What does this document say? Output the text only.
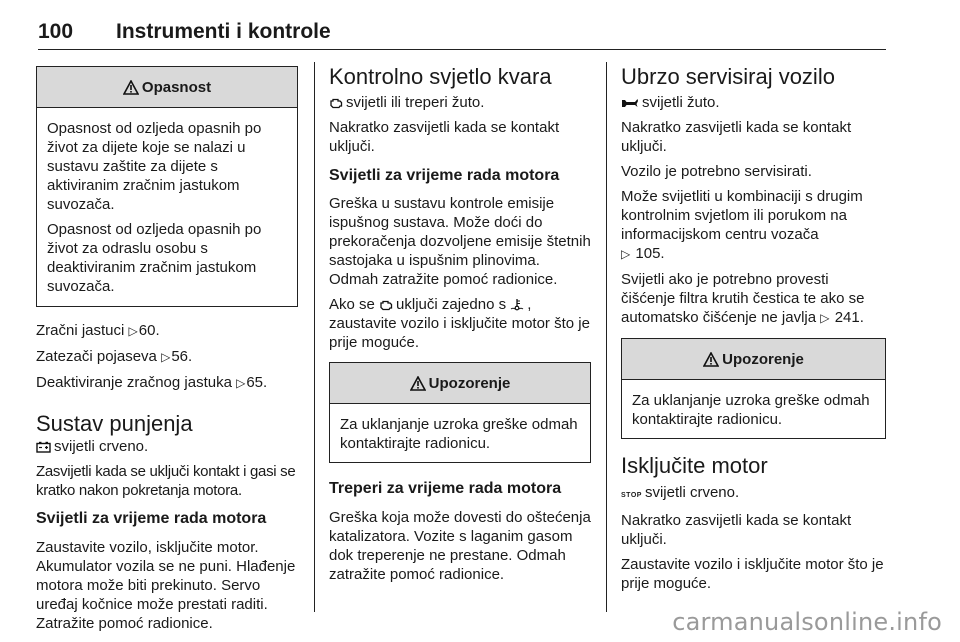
100 Instrumenti i kontrole
Opasnost

Opasnost od ozljeda opasnih po život za dijete koje se nalazi u sustavu zaštite za dijete s aktiviranim zračnim jastukom suvozača.

Opasnost od ozljeda opasnih po život za odraslu osobu s deaktiviranim zračnim jastukom suvozača.

Zračni jastuci ▷60.

Zatezači pojaseva ▷56.

Deaktiviranje zračnog jastuka ▷65.

Sustav punjenja

svijetli crveno.

Zasvijetli kada se uključi kontakt i gasi se kratko nakon pokretanja motora.

Svijetli za vrijeme rada motora

Zaustavite vozilo, isključite motor. Akumulator vozila se ne puni. Hlađenje motora može biti prekinuto. Servo uređaj kočnice može prestati raditi. Zatražite pomoć radionice.

Kontrolno svjetlo kvara

svijetli ili treperi žuto.

Nakratko zasvijetli kada se kontakt uključi.

Svijetli za vrijeme rada motora

Greška u sustavu kontrole emisije ispušnog sustava. Može doći do prekoračenja dozvoljene emisije štetnih sastojaka u ispušnim plinovima. Odmah zatražite pomoć radionice.

Ako se uključi zajedno s , zaustavite vozilo i isključite motor što je prije moguće.

Upozorenje

Za uklanjanje uzroka greške odmah kontaktirajte radionicu.

Treperi za vrijeme rada motora

Greška koja može dovesti do oštećenja katalizatora. Vozite s laganim gasom dok treperenje ne prestane. Odmah zatražite pomoć radionice.

Ubrzo servisiraj vozilo

svijetli žuto.

Nakratko zasvijetli kada se kontakt uključi.

Vozilo je potrebno servisirati.

Može svijetliti u kombinaciji s drugim kontrolnim svjetlom ili porukom na informacijskom centru vozača
▷ 105.

Svijetli ako je potrebno provesti čišćenje filtra krutih čestica te ako se automatsko čišćenje ne javlja ▷ 241.

Upozorenje

Za uklanjanje uzroka greške odmah kontaktirajte radionicu.

Isključite motor

STOP svijetli crveno.

Nakratko zasvijetli kada se kontakt uključi.

Zaustavite vozilo i isključite motor što je prije moguće.

carmanualsonline.info
